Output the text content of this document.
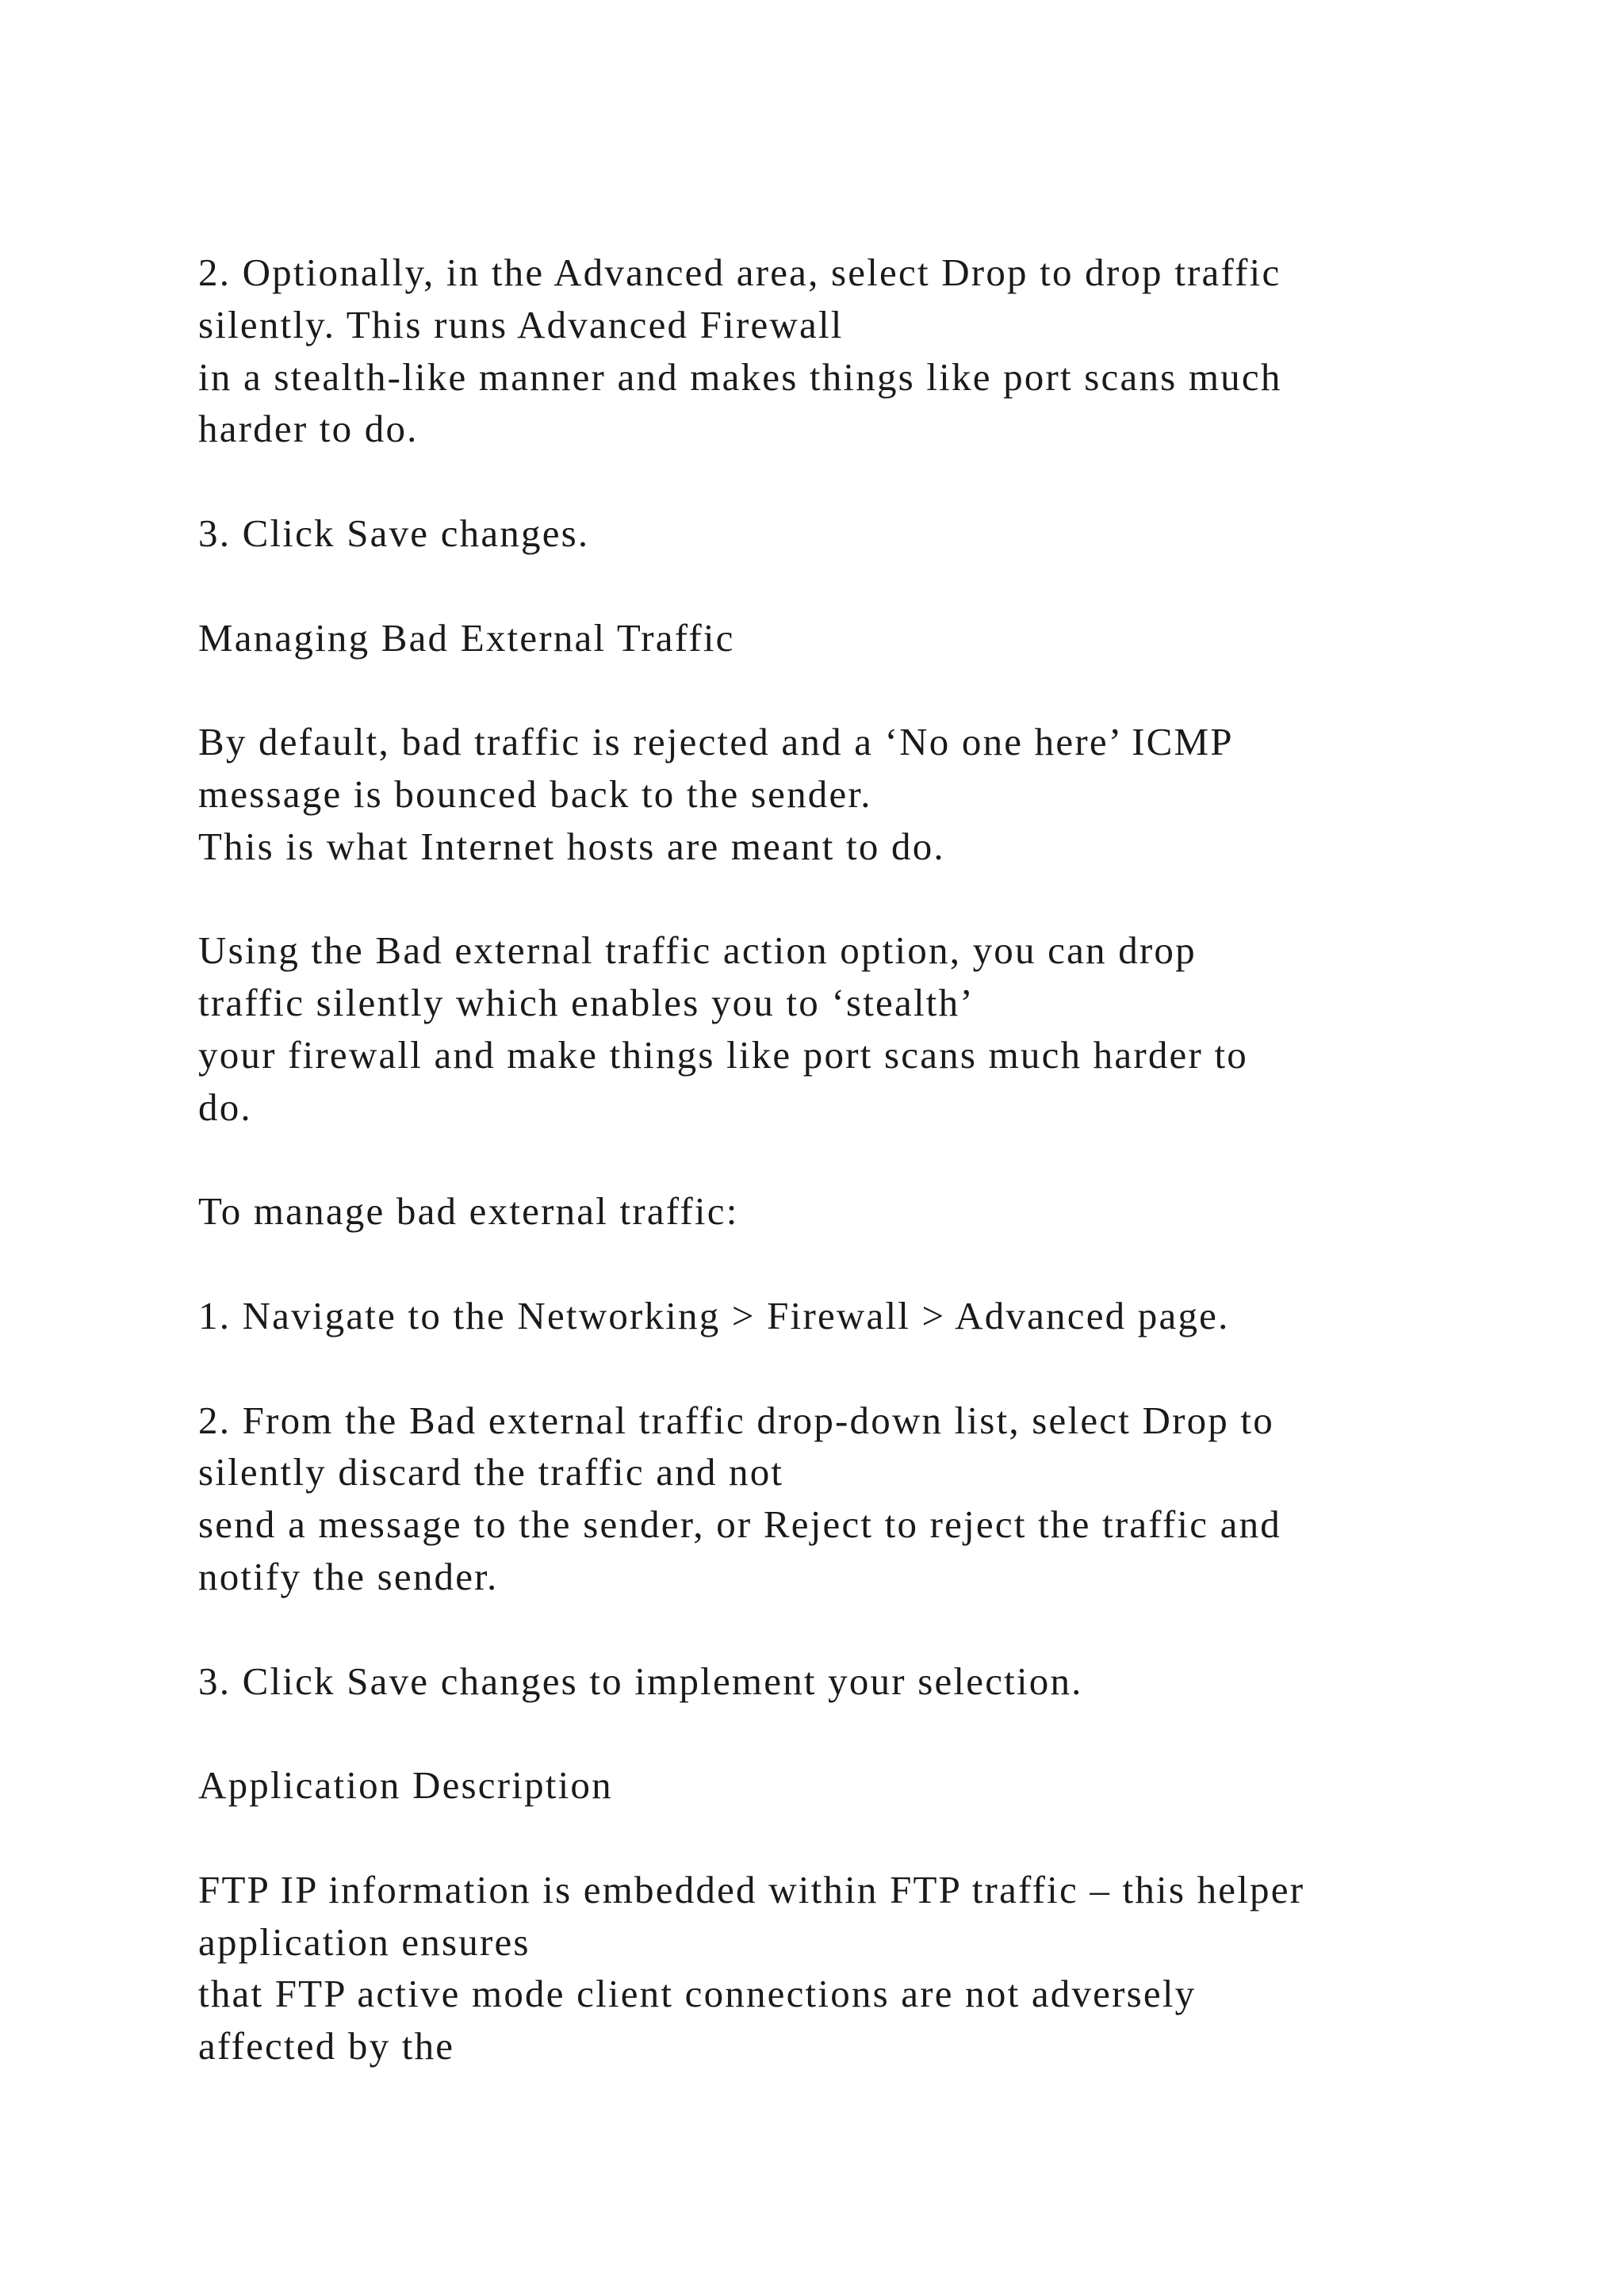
2. Optionally, in the Advanced area, select Drop to drop traffic
silently. This runs Advanced Firewall
in a stealth-like manner and makes things like port scans much
harder to do.
3. Click Save changes.
Managing Bad External Traffic
By default, bad traffic is rejected and a ‘No one here’ ICMP
message is bounced back to the sender.
This is what Internet hosts are meant to do.
Using the Bad external traffic action option, you can drop
traffic silently which enables you to ‘stealth’
your firewall and make things like port scans much harder to
do.
To manage bad external traffic:
1. Navigate to the Networking > Firewall > Advanced page.
2. From the Bad external traffic drop-down list, select Drop to
silently discard the traffic and not
send a message to the sender, or Reject to reject the traffic and
notify the sender.
3. Click Save changes to implement your selection.
Application Description
FTP IP information is embedded within FTP traffic – this helper
application ensures
that FTP active mode client connections are not adversely
affected by the
